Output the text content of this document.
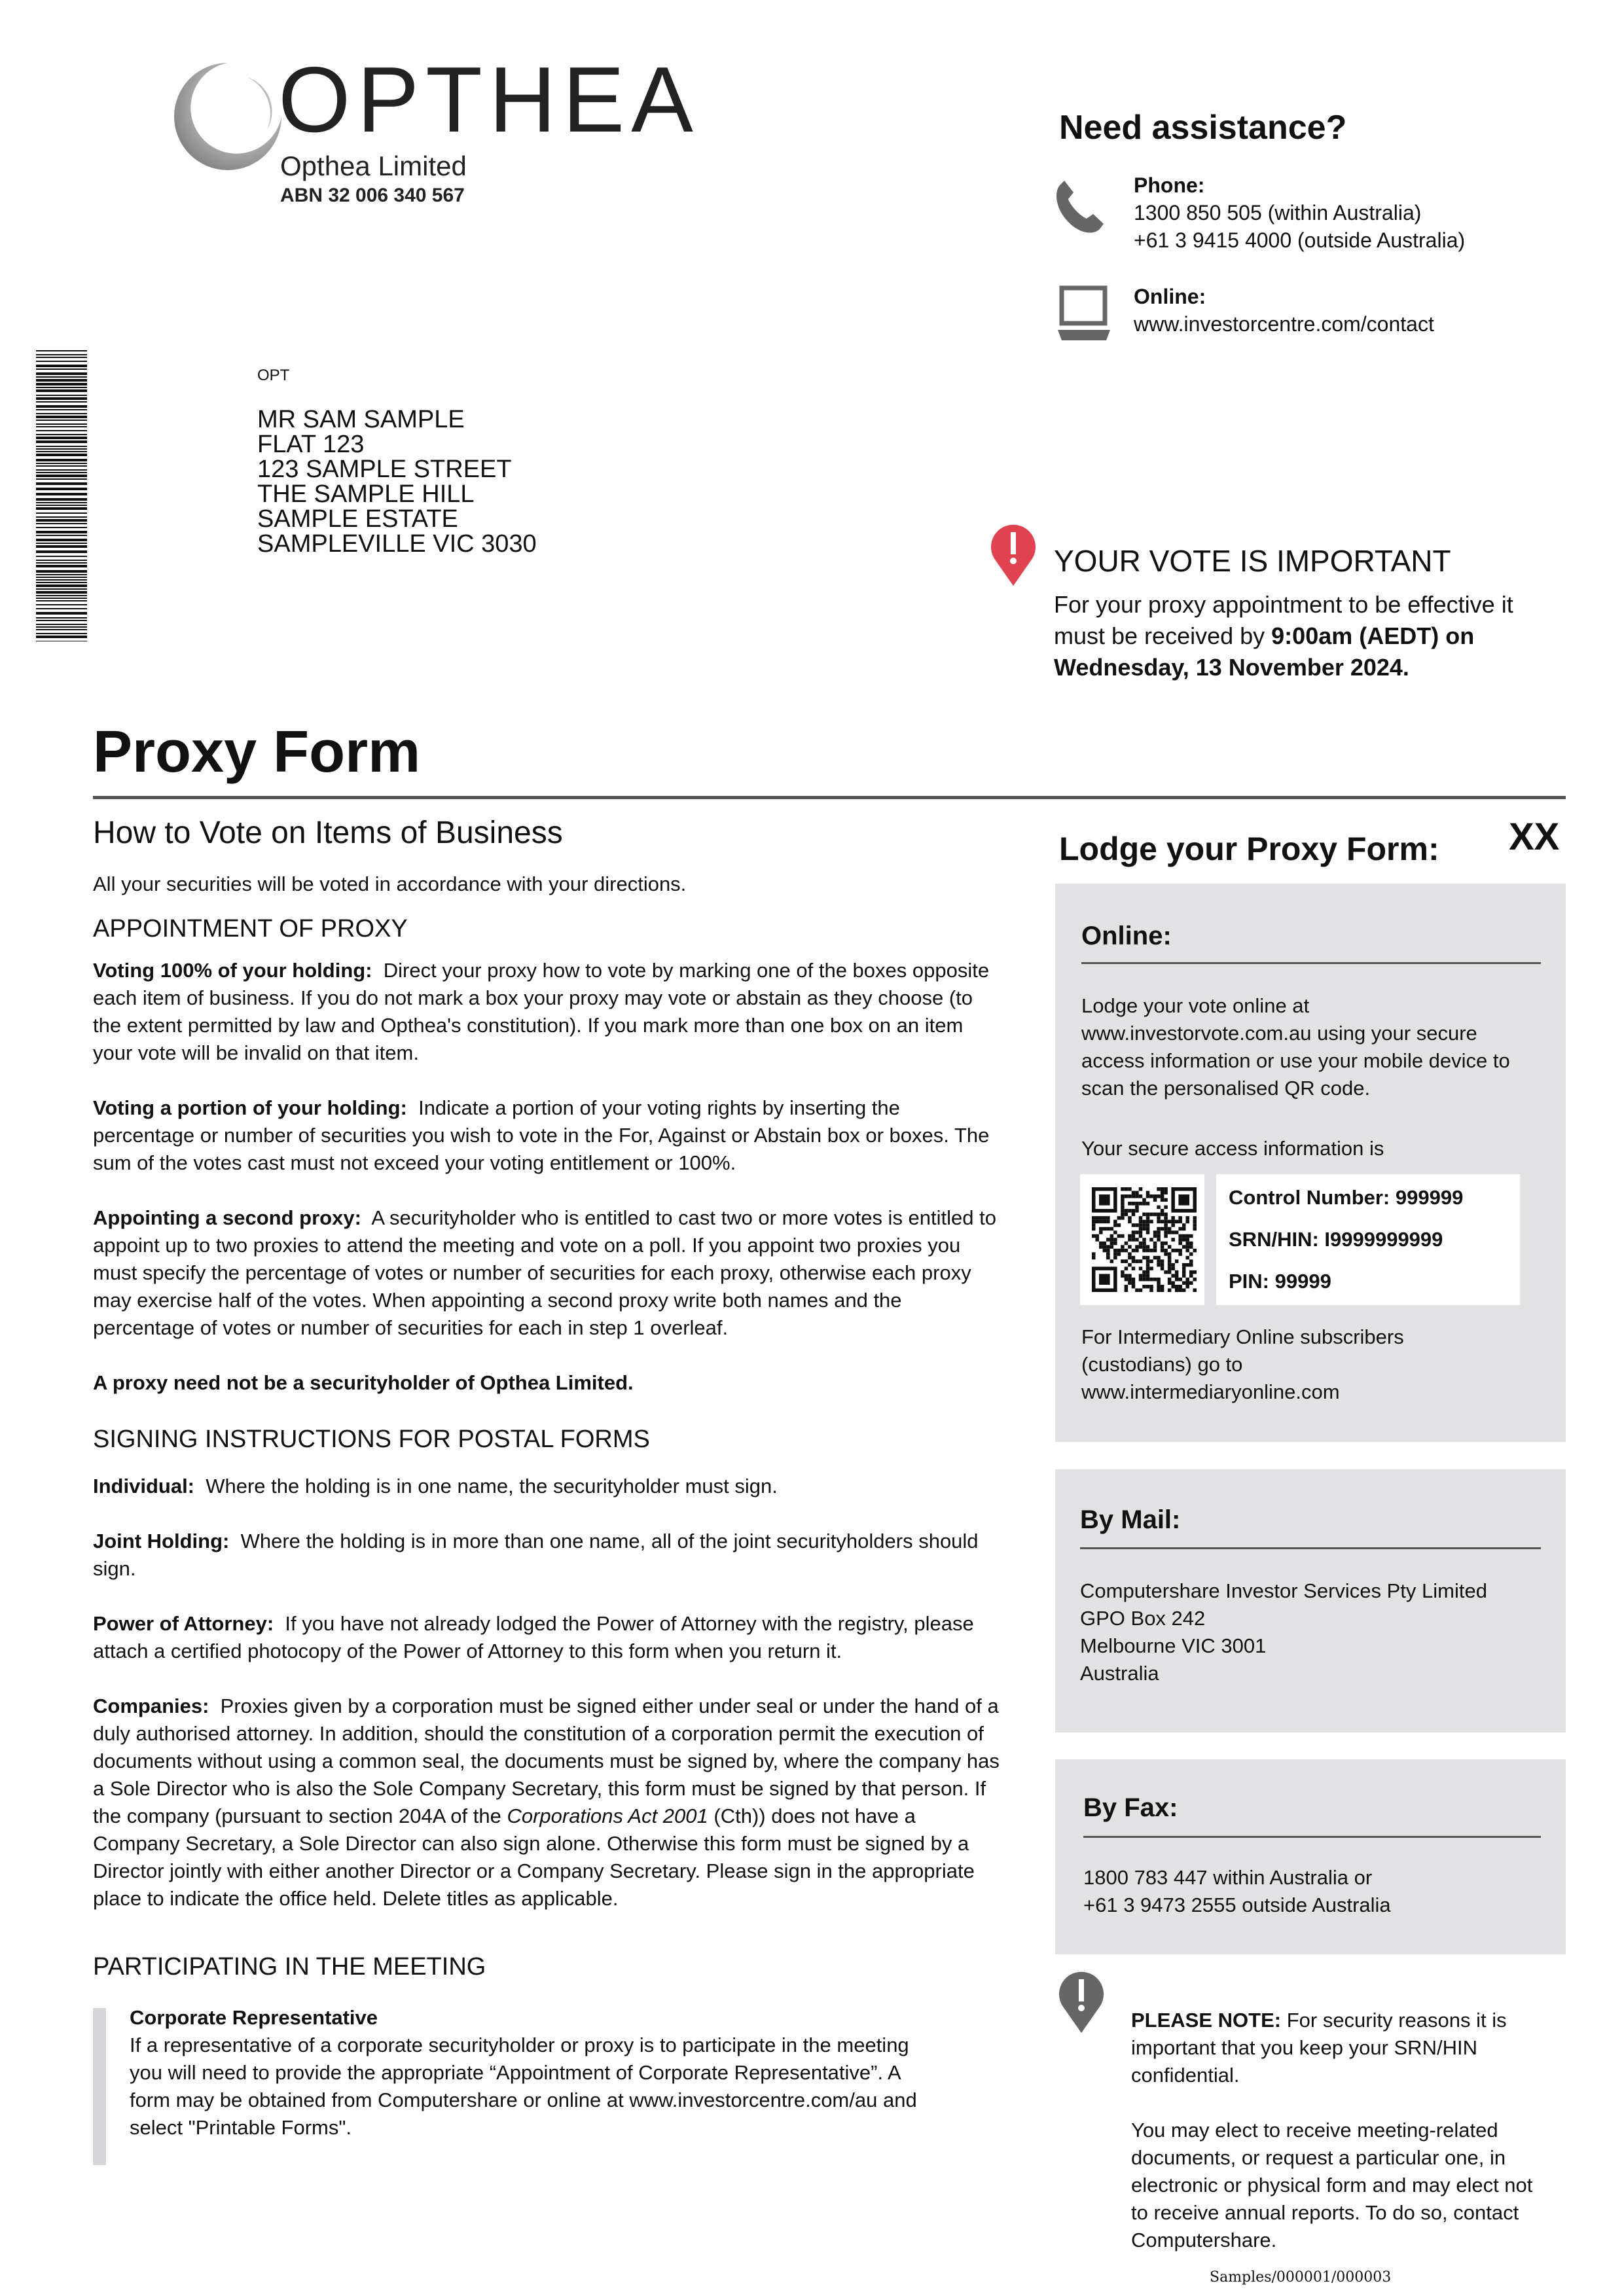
OPTHEA
Opthea Limited
ABN 32 006 340 567
Need assistance?
Phone:
1300 850 505 (within Australia)
+61 3 9415 4000 (outside Australia)
Online:
www.investorcentre.com/contact
OPT
MR SAM SAMPLE
FLAT 123
123 SAMPLE STREET
THE SAMPLE HILL
SAMPLE ESTATE
SAMPLEVILLE VIC 3030	YOUR VOTE IS IMPORTANT
For your proxy appointment to be effective it
must be received by 9:00am (AEDT) on
Wednesday, 13 November 2024.
Proxy Form
How to Vote on Items of Business
All your securities will be voted in accordance with your directions.
APPOINTMENT OF PROXY
Voting 100% of your holding: Direct your proxy how to vote by marking one of the boxes opposite each item of business. If you do not mark a box your proxy may vote or abstain as they choose (to the extent permitted by law and Opthea's constitution). If you mark more than one box on an item your vote will be invalid on that item.
Voting a portion of your holding: Indicate a portion of your voting rights by inserting the percentage or number of securities you wish to vote in the For, Against or Abstain box or boxes. The sum of the votes cast must not exceed your voting entitlement or 100%.
Appointing a second proxy: A securityholder who is entitled to cast two or more votes is entitled to appoint up to two proxies to attend the meeting and vote on a poll. If you appoint two proxies you must specify the percentage of votes or number of securities for each proxy, otherwise each proxy may exercise half of the votes. When appointing a second proxy write both names and the percentage of votes or number of securities for each in step 1 overleaf.
A proxy need not be a securityholder of Opthea Limited.
SIGNING INSTRUCTIONS FOR POSTAL FORMS
Individual: Where the holding is in one name, the securityholder must sign.
Joint Holding: Where the holding is in more than one name, all of the joint securityholders should sign.
Power of Attorney: If you have not already lodged the Power of Attorney with the registry, please attach a certified photocopy of the Power of Attorney to this form when you return it.
Companies: Proxies given by a corporation must be signed either under seal or under the hand of a duly authorised attorney. In addition, should the constitution of a corporation permit the execution of documents without using a common seal, the documents must be signed by, where the company has a Sole Director who is also the Sole Company Secretary, this form must be signed by that person. If the company (pursuant to section 204A of the Corporations Act 2001 (Cth)) does not have a Company Secretary, a Sole Director can also sign alone. Otherwise this form must be signed by a Director jointly with either another Director or a Company Secretary. Please sign in the appropriate place to indicate the office held. Delete titles as applicable.
PARTICIPATING IN THE MEETING
Corporate Representative
If a representative of a corporate securityholder or proxy is to participate in the meeting you will need to provide the appropriate “Appointment of Corporate Representative”. A form may be obtained from Computershare or online at www.investorcentre.com/au and select "Printable Forms".
Lodge your Proxy Form: XX
Online:
Lodge your vote online at www.investorvote.com.au using your secure access information or use your mobile device to scan the personalised QR code.
Your secure access information is
Control Number: 999999
SRN/HIN: I9999999999
PIN: 99999
For Intermediary Online subscribers (custodians) go to www.intermediaryonline.com
By Mail:
Computershare Investor Services Pty Limited
GPO Box 242
Melbourne VIC 3001
Australia
By Fax:
1800 783 447 within Australia or
+61 3 9473 2555 outside Australia
PLEASE NOTE: For security reasons it is important that you keep your SRN/HIN confidential.
You may elect to receive meeting-related documents, or request a particular one, in electronic or physical form and may elect not to receive annual reports. To do so, contact Computershare.
Samples/000001/000003
